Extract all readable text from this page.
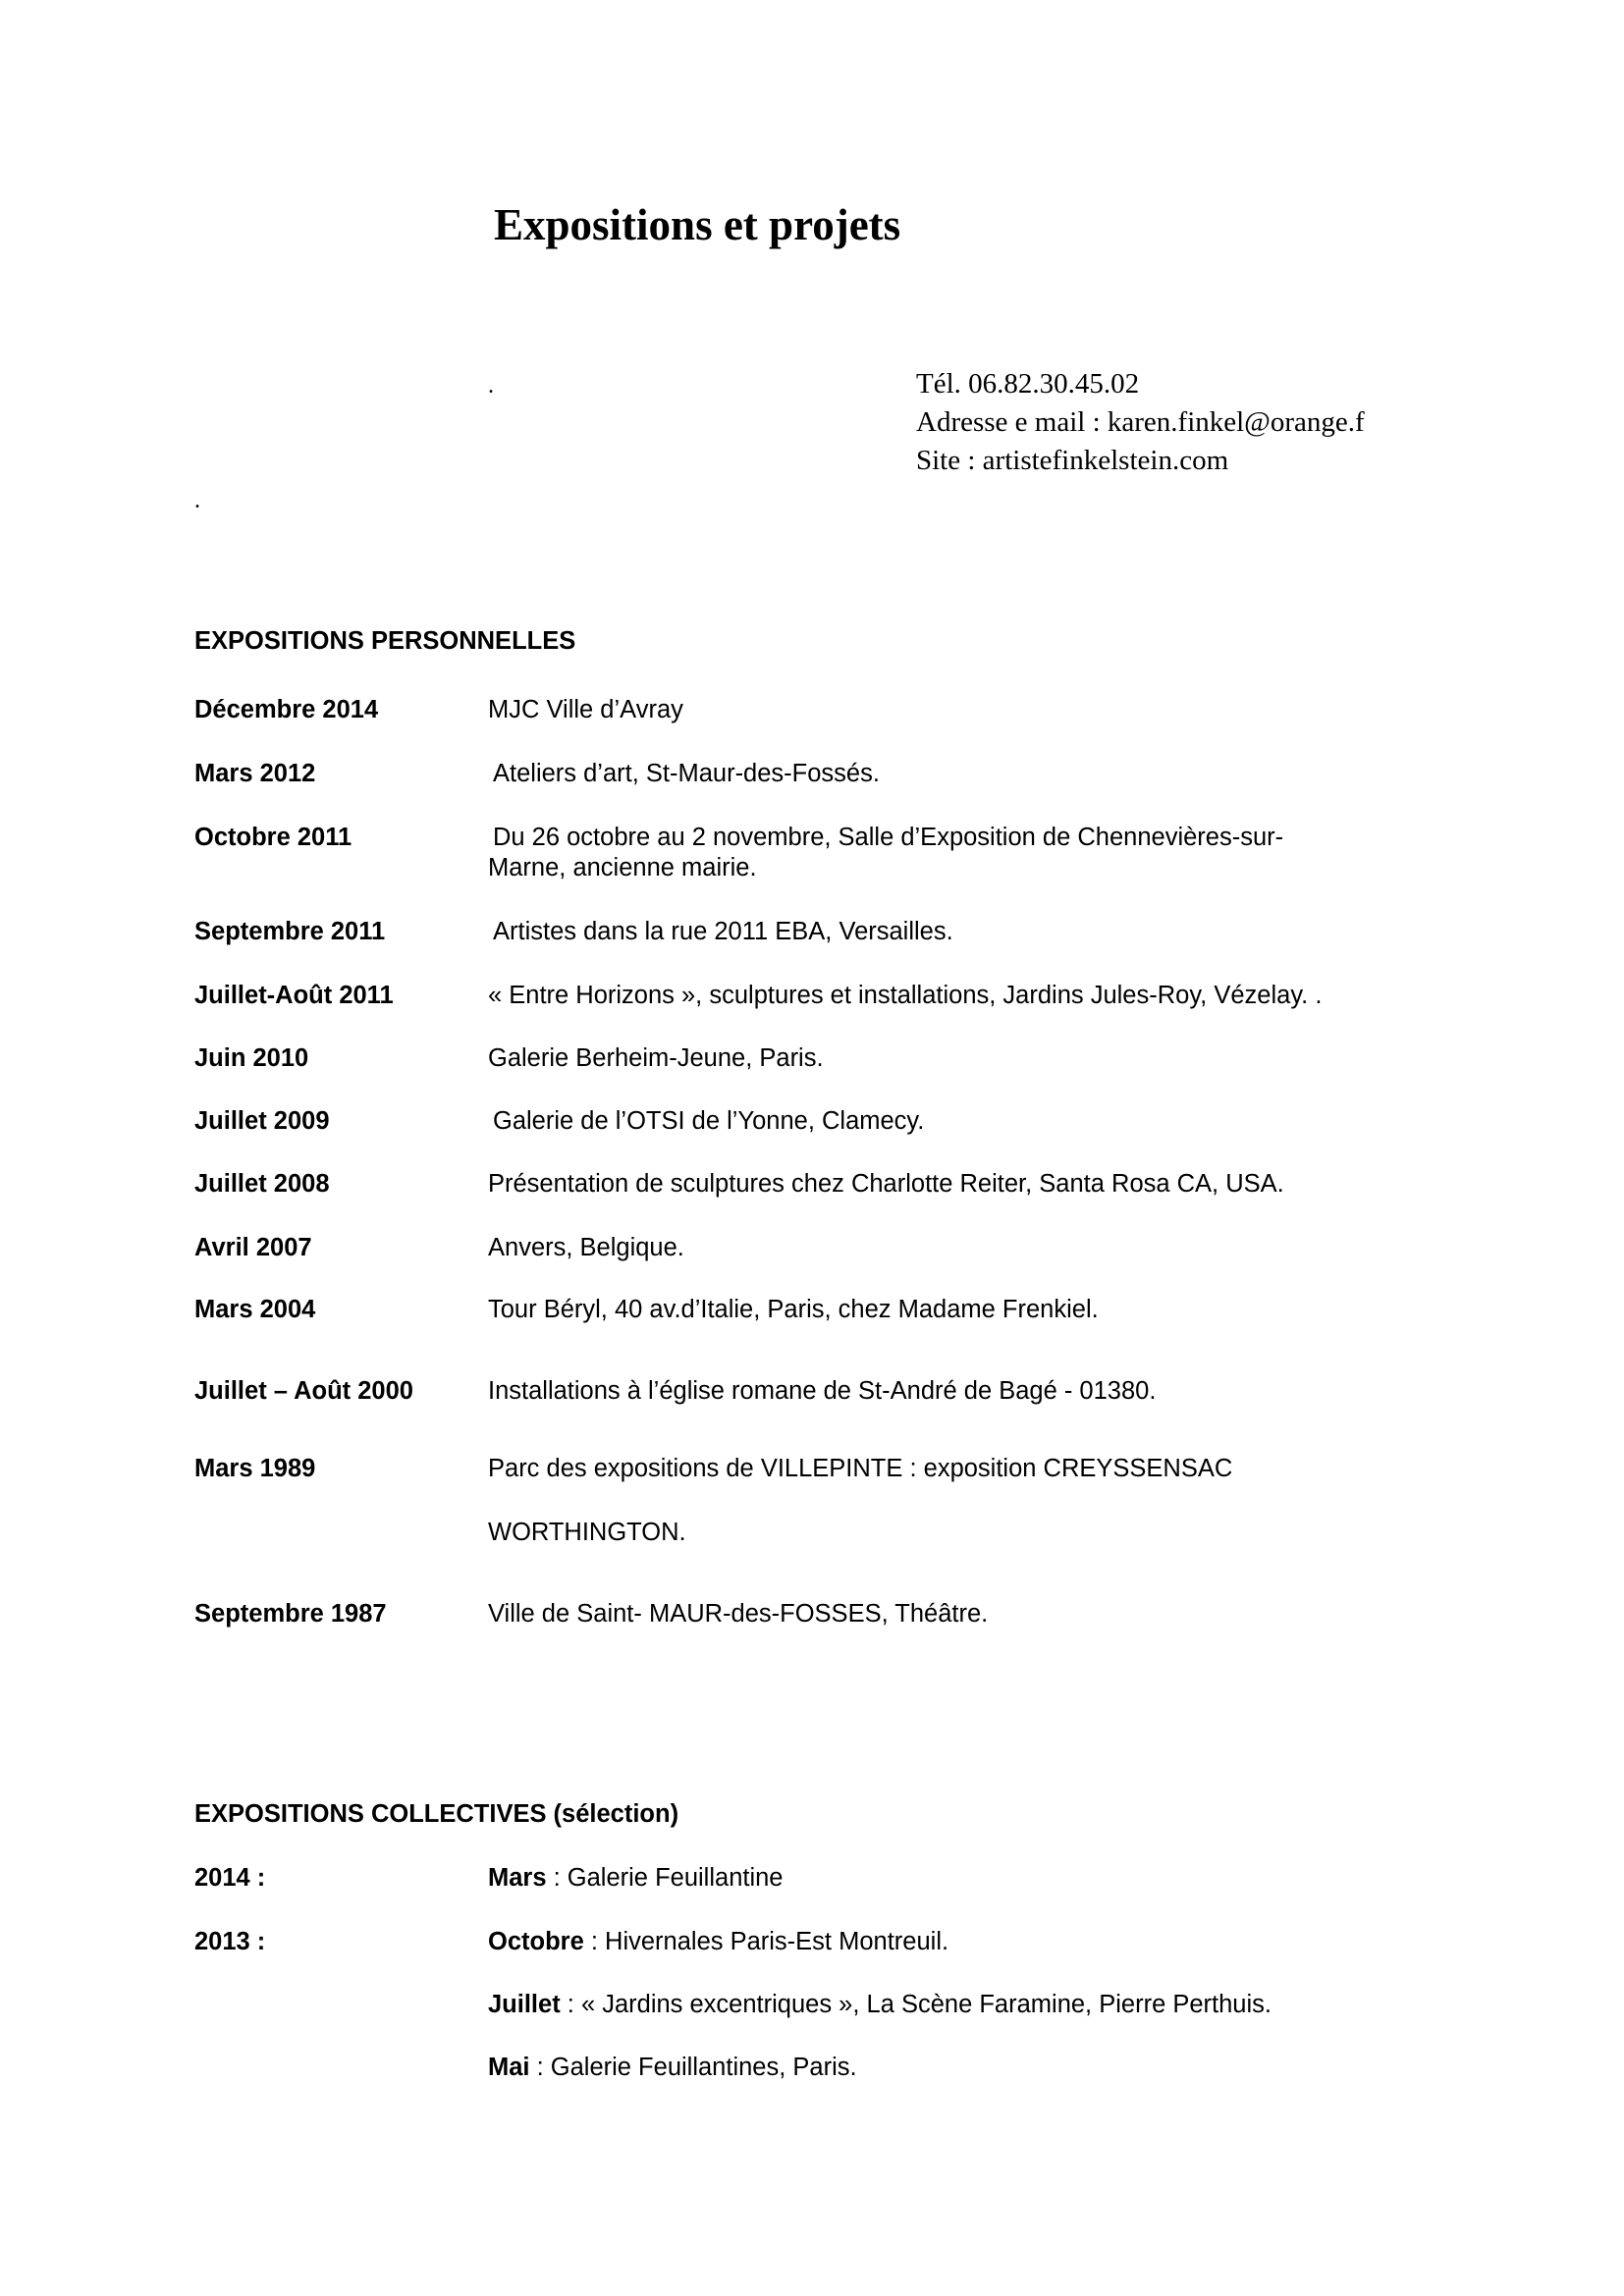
Expositions et projets
.
.
Tél. 06.82.30.45.02
Adresse e mail : karen.finkel@orange.f
Site : artistefinkelstein.com
EXPOSITIONS PERSONNELLES
Décembre 2014	MJC Ville d’Avray
Mars 2012	Ateliers d’art, St-Maur-des-Fossés.
Octobre 2011	Du 26 octobre au 2 novembre, Salle d’Exposition de Chennevières-sur-
Marne, ancienne mairie.
Septembre 2011	Artistes dans la rue 2011 EBA, Versailles.
Juillet-Août 2011	« Entre Horizons », sculptures et installations, Jardins Jules-Roy, Vézelay. .
Juin 2010	Galerie Berheim-Jeune, Paris.
Juillet 2009	Galerie de l’OTSI de l’Yonne, Clamecy.
Juillet 2008	Présentation de sculptures chez Charlotte Reiter, Santa Rosa CA, USA.
Avril 2007	Anvers, Belgique.
Mars 2004	Tour Béryl, 40 av.d’Italie, Paris, chez Madame Frenkiel.
Juillet – Août 2000	Installations à l’église romane de St-André de Bagé - 01380.
Mars 1989	Parc des expositions de VILLEPINTE : exposition CREYSSENSAC
WORTHINGTON.
Septembre 1987	Ville de Saint- MAUR-des-FOSSES, Théâtre.
EXPOSITIONS COLLECTIVES (sélection)
2014 :	Mars : Galerie Feuillantine
2013 :	Octobre : Hivernales Paris-Est Montreuil.
Juillet : « Jardins excentriques », La Scène Faramine, Pierre Perthuis.
Mai : Galerie Feuillantines, Paris.
